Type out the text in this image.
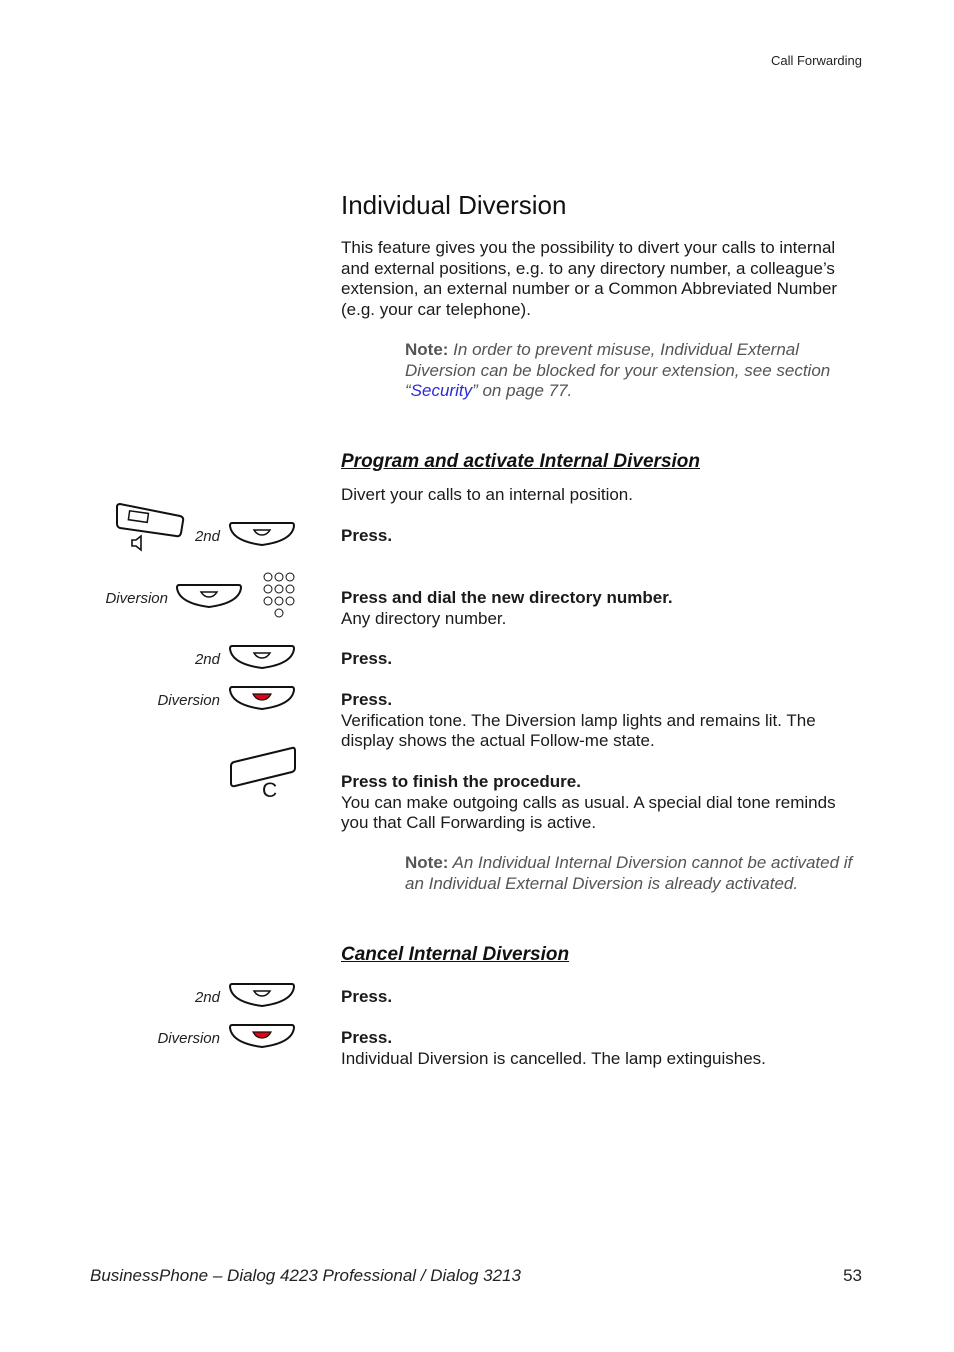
Call Forwarding
Individual Diversion

This feature gives you the possibility to divert your calls to internal and external positions, e.g. to any directory number, a colleague’s extension, an external number or a Common Abbreviated Number (e.g. your car telephone).

Note: In order to prevent misuse, Individual External Diversion can be blocked for your extension, see section “Security” on page 77.

Program and activate Internal Diversion
Divert your calls to an internal position.
2nd	Press.
Diversion	Press and dial the new directory number.
Any directory number.
2nd	Press.
Diversion	Press.
Verification tone. The Diversion lamp lights and remains lit. The display shows the actual Follow-me state.
C	Press to finish the procedure.
You can make outgoing calls as usual. A special dial tone reminds you that Call Forwarding is active.

Note: An Individual Internal Diversion cannot be activated if an Individual External Diversion is already activated.

Cancel Internal Diversion
2nd	Press.
Diversion	Press.
Individual Diversion is cancelled. The lamp extinguishes.
BusinessPhone – Dialog 4223 Professional / Dialog 3213	53
